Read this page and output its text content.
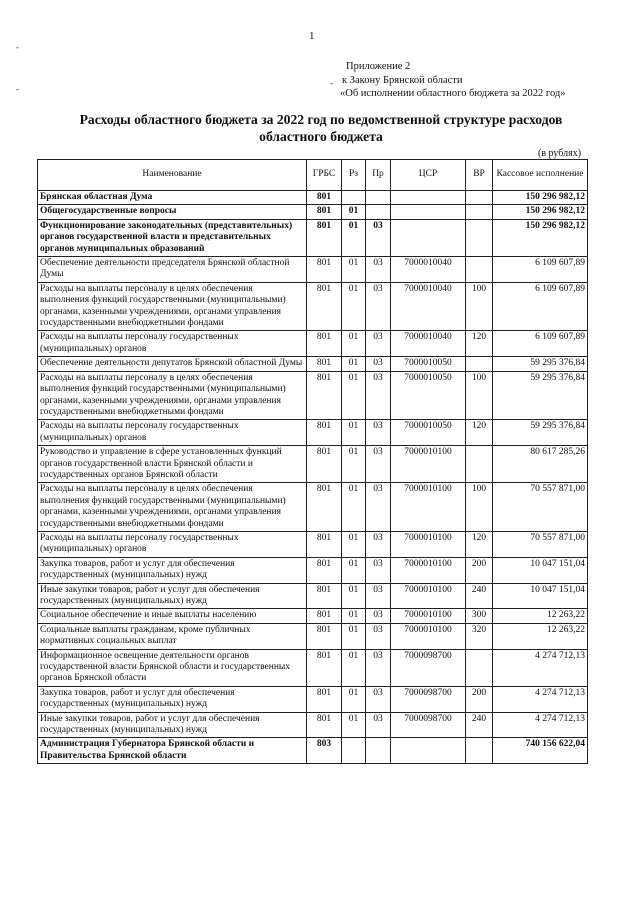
1
-
-
-
Приложение 2
к Закону Брянской области
«Об исполнении областного бюджета за 2022 год»
Расходы областного бюджета за 2022 год по ведомственной структуре расходов областного бюджета
(в рублях)
Наименование	ГРБС	Рз	Пр	ЦСР	ВР	Кассовое исполнение
Брянская областная Дума	801					150 296 982,12
Общегосударственные вопросы	801	01				150 296 982,12
Функционирование законодательных (представительных) органов государственной власти и представительных органов муниципальных образований	801	01	03			150 296 982,12
Обеспечение деятельности председателя Брянской областной Думы	801	01	03	7000010040		6 109 607,89
Расходы на выплаты персоналу в целях обеспечения выполнения функций государственными (муниципальными) органами, казенными учреждениями, органами управления государственными внебюджетными фондами	801	01	03	7000010040	100	6 109 607,89
Расходы на выплаты персоналу государственных (муниципальных) органов	801	01	03	7000010040	120	6 109 607,89
Обеспечение деятельности депутатов Брянской областной Думы	801	01	03	7000010050		59 295 376,84
Расходы на выплаты персоналу в целях обеспечения выполнения функций государственными (муниципальными) органами, казенными учреждениями, органами управления государственными внебюджетными фондами	801	01	03	7000010050	100	59 295 376,84
Расходы на выплаты персоналу государственных (муниципальных) органов	801	01	03	7000010050	120	59 295 376,84
Руководство и управление в сфере установленных функций органов государственной власти Брянской области и государственных органов Брянской области	801	01	03	7000010100		80 617 285,26
Расходы на выплаты персоналу в целях обеспечения выполнения функций государственными (муниципальными) органами, казенными учреждениями, органами управления государственными внебюджетными фондами	801	01	03	7000010100	100	70 557 871,00
Расходы на выплаты персоналу государственных (муниципальных) органов	801	01	03	7000010100	120	70 557 871,00
Закупка товаров, работ и услуг для обеспечения государственных (муниципальных) нужд	801	01	03	7000010100	200	10 047 151,04
Иные закупки товаров, работ и услуг для обеспечения государственных (муниципальных) нужд	801	01	03	7000010100	240	10 047 151,04
Социальное обеспечение и иные выплаты населению	801	01	03	7000010100	300	12 263,22
Социальные выплаты гражданам, кроме публичных нормативных социальных выплат	801	01	03	7000010100	320	12 263,22
Информационное освещение деятельности органов государственной власти Брянской области и государственных органов Брянской области	801	01	03	7000098700		4 274 712,13
Закупка товаров, работ и услуг для обеспечения государственных (муниципальных) нужд	801	01	03	7000098700	200	4 274 712,13
Иные закупки товаров, работ и услуг для обеспечения государственных (муниципальных) нужд	801	01	03	7000098700	240	4 274 712,13
Администрация Губернатора Брянской области и Правительства Брянской области	803					740 156 622,04
